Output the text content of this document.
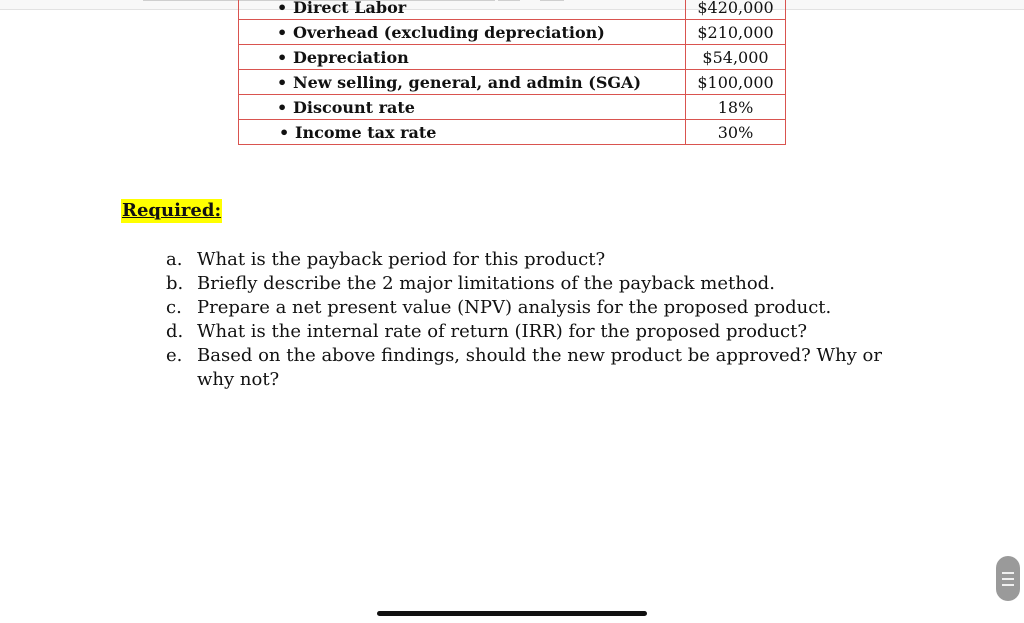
• Direct Labor	$420,000
• Overhead (excluding depreciation)	$210,000
• Depreciation	$54,000
• New selling, general, and admin (SGA)	$100,000
• Discount rate	18%
• Income tax rate	30%
Required:
a. What is the payback period for this product?
b. Briefly describe the 2 major limitations of the payback method.
c. Prepare a net present value (NPV) analysis for the proposed product.
d. What is the internal rate of return (IRR) for the proposed product?
e. Based on the above findings, should the new product be approved? Why or why not?
